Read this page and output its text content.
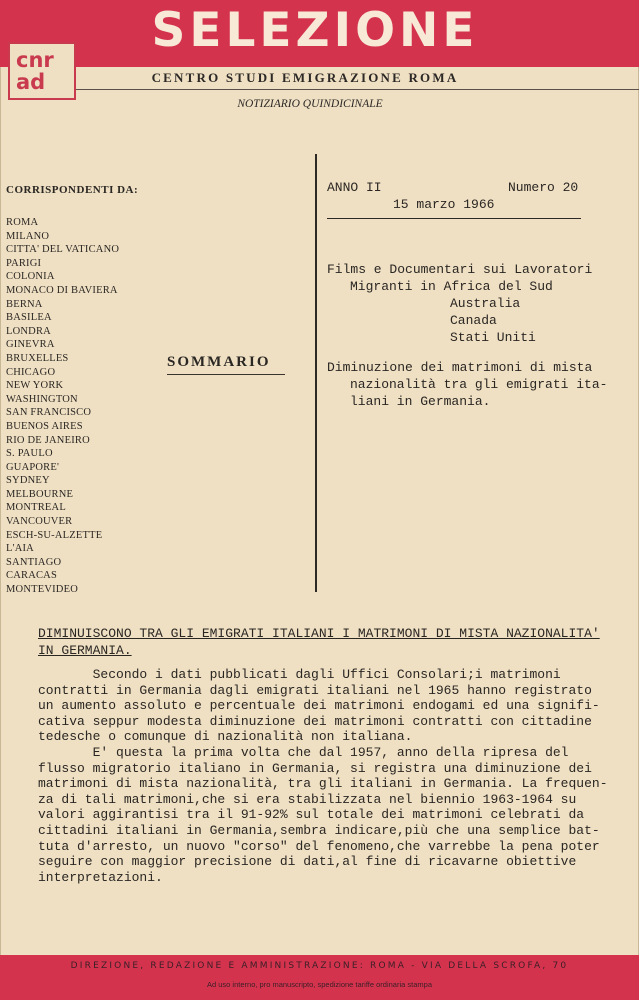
SELEZIONE
cnr
ad	CENTRO STUDI EMIGRAZIONE ROMA
NOTIZIARIO QUINDICINALE
CORRISPONDENTI DA:
ROMA
MILANO
CITTA' DEL VATICANO
PARIGI
COLONIA
MONACO DI BAVIERA
BERNA
BASILEA
LONDRA
GINEVRA
BRUXELLES
CHICAGO
NEW YORK
WASHINGTON
SAN FRANCISCO
BUENOS AIRES
RIO DE JANEIRO
S. PAULO
GUAPORE'
SYDNEY
MELBOURNE
MONTREAL
VANCOUVER
ESCH-SU-ALZETTE
L'AIA
SANTIAGO
CARACAS
MONTEVIDEO
SOMMARIO
ANNO II	Numero 20
15 marzo 1966
Films e Documentari sui Lavoratori
Migranti in Africa del Sud
Australia
Canada
Stati Uniti
Diminuzione dei matrimoni di mista
nazionalità tra gli emigrati ita-
liani in Germania.
DIMINUISCONO TRA GLI EMIGRATI ITALIANI I MATRIMONI DI MISTA NAZIONALITA'
IN GERMANIA.
Secondo i dati pubblicati dagli Uffici Consolari;i matrimoni
contratti in Germania dagli emigrati italiani nel 1965 hanno registrato
un aumento assoluto e percentuale dei matrimoni endogami ed una signifi-
cativa seppur modesta diminuzione dei matrimoni contratti con cittadine
tedesche o comunque di nazionalità non italiana.
E' questa la prima volta che dal 1957, anno della ripresa del
flusso migratorio italiano in Germania, si registra una diminuzione dei
matrimoni di mista nazionalità, tra gli italiani in Germania. La frequen-
za di tali matrimoni,che si era stabilizzata nel biennio 1963-1964 su
valori aggirantisi tra il 91-92% sul totale dei matrimoni celebrati da
cittadini italiani in Germania,sembra indicare,più che una semplice bat-
tuta d'arresto, un nuovo "corso" del fenomeno,che varrebbe la pena poter
seguire con maggior precisione di dati,al fine di ricavarne obiettive
interpretazioni.
DIREZIONE, REDAZIONE E AMMINISTRAZIONE: ROMA - VIA DELLA SCROFA, 70
Ad uso interno, pro manuscripto, spedizione tariffe ordinaria stampa
